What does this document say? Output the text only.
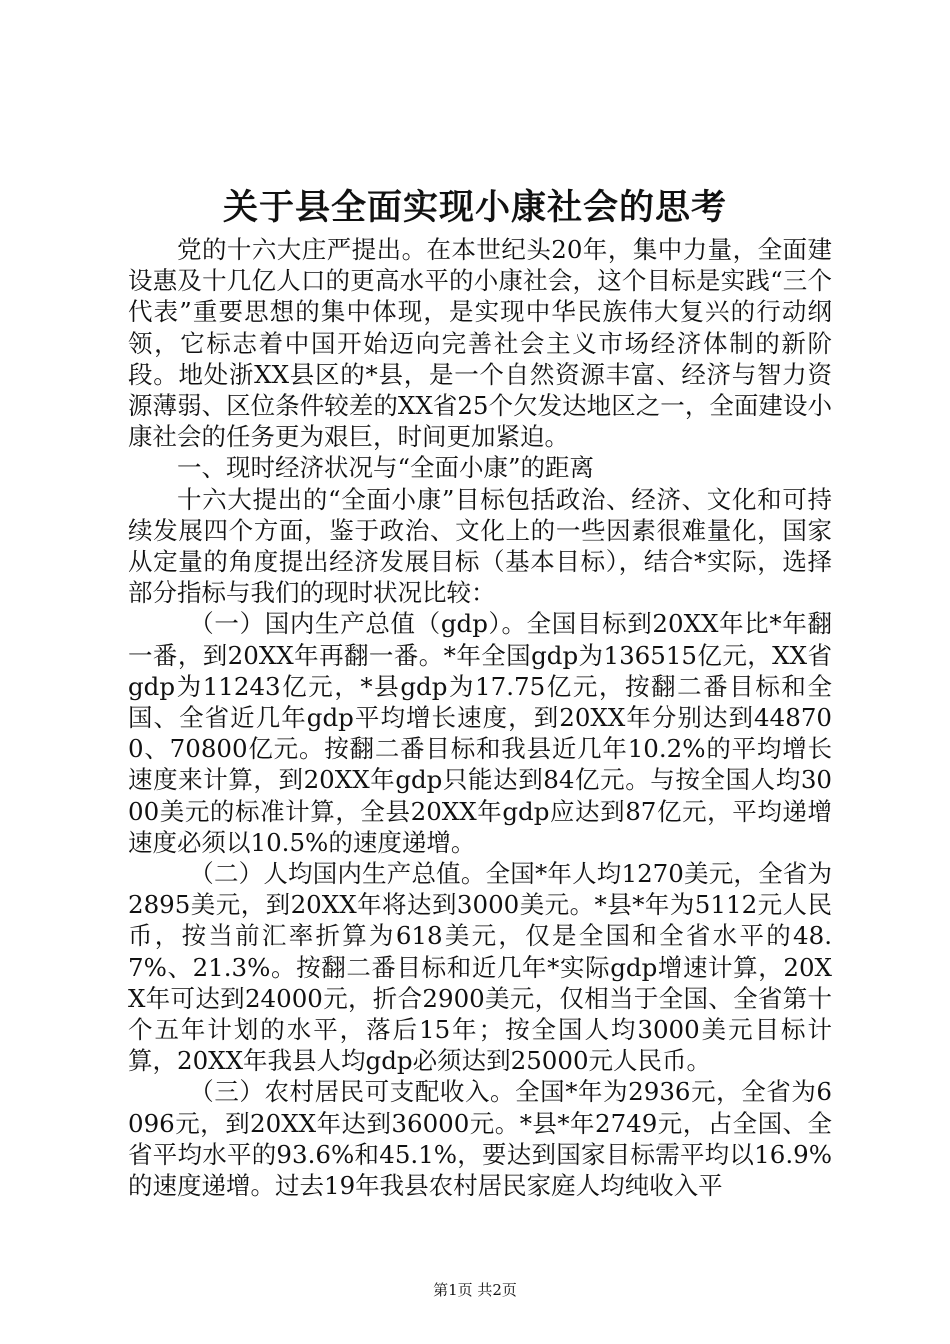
关于县全面实现小康社会的思考

党的十六大庄严提出。在本世纪头20年，集中力量，全面建设惠及十几亿人口的更高水平的小康社会，这个目标是实践“三个代表”重要思想的集中体现，是实现中华民族伟大复兴的行动纲领，它标志着中国开始迈向完善社会主义市场经济体制的新阶段。地处浙XX县区的*县，是一个自然资源丰富、经济与智力资源薄弱、区位条件较差的XX省25个欠发达地区之一，全面建设小康社会的任务更为艰巨，时间更加紧迫。

一、现时经济状况与“全面小康”的距离

十六大提出的“全面小康”目标包括政治、经济、文化和可持续发展四个方面，鉴于政治、文化上的一些因素很难量化，国家从定量的角度提出经济发展目标（基本目标），结合*实际，选择部分指标与我们的现时状况比较：

（一）国内生产总值（gdp）。全国目标到20XX年比*年翻一番，到20XX年再翻一番。*年全国gdp为136515亿元，XX省gdp为11243亿元，*县gdp为17.75亿元，按翻二番目标和全国、全省近几年gdp平均增长速度，到20XX年分别达到448700、70800亿元。按翻二番目标和我县近几年10.2%的平均增长速度来计算，到20XX年gdp只能达到84亿元。与按全国人均3000美元的标准计算，全县20XX年gdp应达到87亿元，平均递增速度必须以10.5%的速度递增。

（二）人均国内生产总值。全国*年人均1270美元，全省为2895美元，到20XX年将达到3000美元。*县*年为5112元人民币，按当前汇率折算为618美元，仅是全国和全省水平的48.7%、21.3%。按翻二番目标和近几年*实际gdp增速计算，20XX年可达到24000元，折合2900美元，仅相当于全国、全省第十个五年计划的水平，落后15年；按全国人均3000美元目标计算，20XX年我县人均gdp必须达到25000元人民币。

（三）农村居民可支配收入。全国*年为2936元，全省为6096元，到20XX年达到36000元。*县*年2749元，占全国、全省平均水平的93.6%和45.1%，要达到国家目标需平均以16.9%的速度递增。过去19年我县农村居民家庭人均纯收入平

第1页 共2页
